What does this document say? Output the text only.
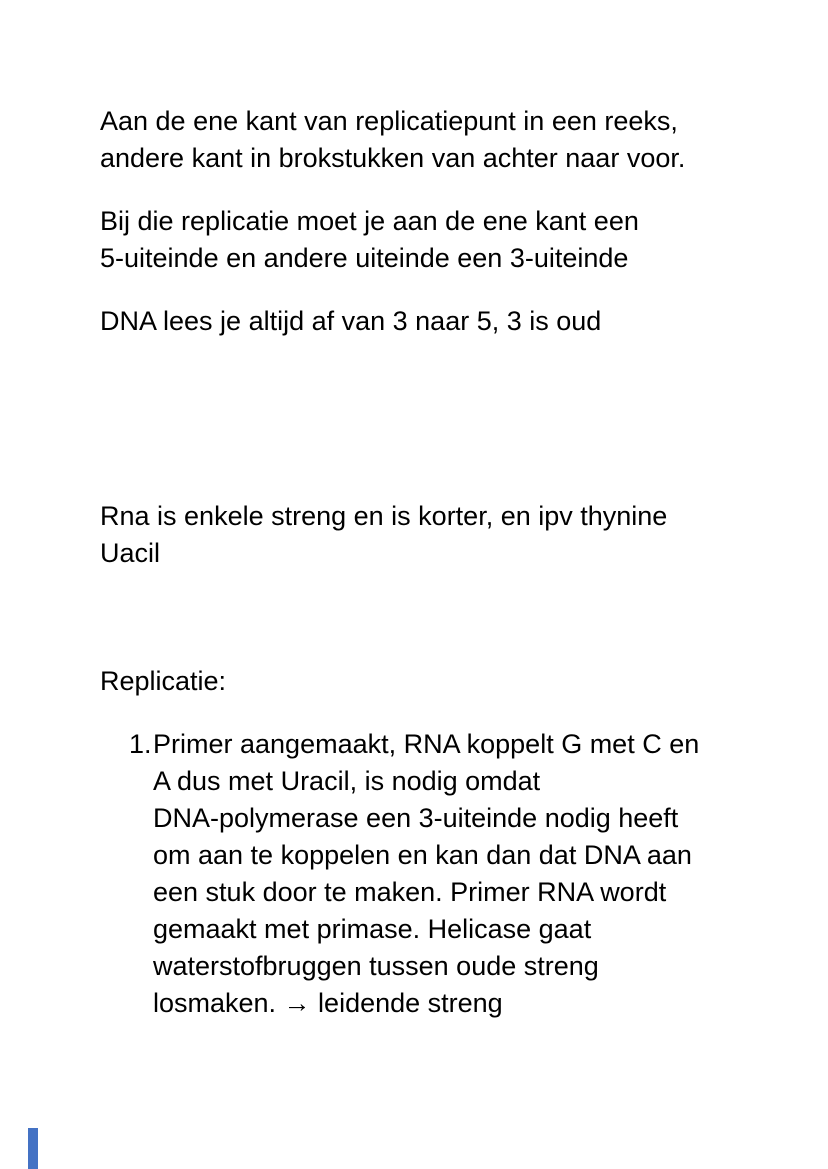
Aan de ene kant van replicatiepunt in een reeks,
andere kant in brokstukken van achter naar voor.

Bij die replicatie moet je aan de ene kant een
5-uiteinde en andere uiteinde een 3-uiteinde

DNA lees je altijd af van 3 naar 5, 3 is oud

Rna is enkele streng en is korter, en ipv thynine
Uacil

Replicatie:

1. Primer aangemaakt, RNA koppelt G met C en
A dus met Uracil, is nodig omdat
DNA-polymerase een 3-uiteinde nodig heeft
om aan te koppelen en kan dan dat DNA aan
een stuk door te maken. Primer RNA wordt
gemaakt met primase. Helicase gaat
waterstofbruggen tussen oude streng
losmaken. → leidende streng
